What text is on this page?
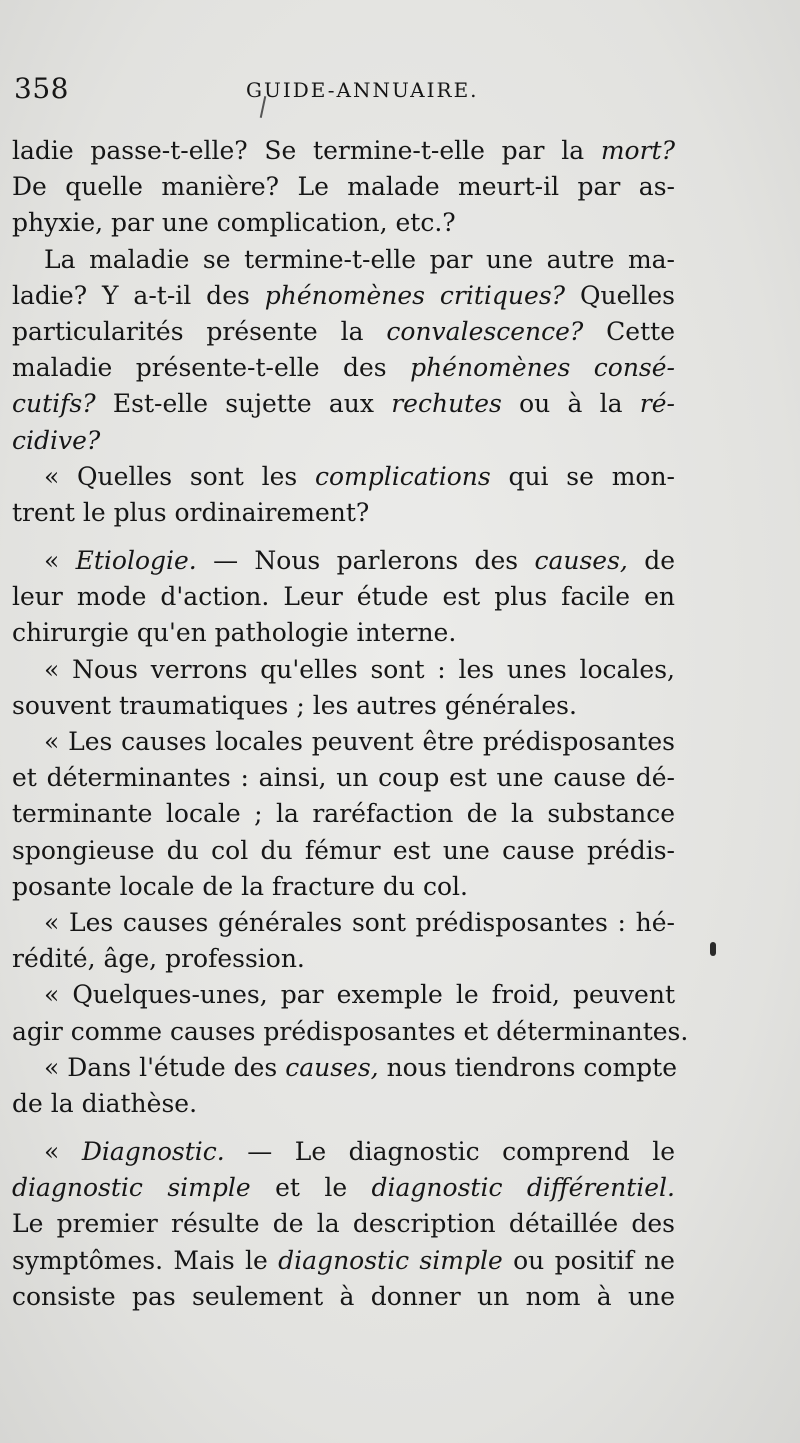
358	GUIDE-ANNUAIRE.
ladie passe-t-elle? Se termine-t-elle par la mort?
De quelle manière? Le malade meurt-il par as-
phyxie, par une complication, etc.?
La maladie se termine-t-elle par une autre ma-
ladie? Y a-t-il des phénomènes critiques? Quelles
particularités présente la convalescence? Cette
maladie présente-t-elle des phénomènes consé-
cutifs? Est-elle sujette aux rechutes ou à la ré-
cidive?
« Quelles sont les complications qui se mon-
trent le plus ordinairement?
« Etiologie. — Nous parlerons des causes, de
leur mode d'action. Leur étude est plus facile en
chirurgie qu'en pathologie interne.
« Nous verrons qu'elles sont : les unes locales,
souvent traumatiques ; les autres générales.
« Les causes locales peuvent être prédisposantes
et déterminantes : ainsi, un coup est une cause dé-
terminante locale ; la raréfaction de la substance
spongieuse du col du fémur est une cause prédis-
posante locale de la fracture du col.
« Les causes générales sont prédisposantes : hé-
rédité, âge, profession.
« Quelques-unes, par exemple le froid, peuvent
agir comme causes prédisposantes et déterminantes.
« Dans l'étude des causes, nous tiendrons compte
de la diathèse.
« Diagnostic. — Le diagnostic comprend le
diagnostic simple et le diagnostic différentiel.
Le premier résulte de la description détaillée des
symptômes. Mais le diagnostic simple ou positif ne
consiste pas seulement à donner un nom à une
